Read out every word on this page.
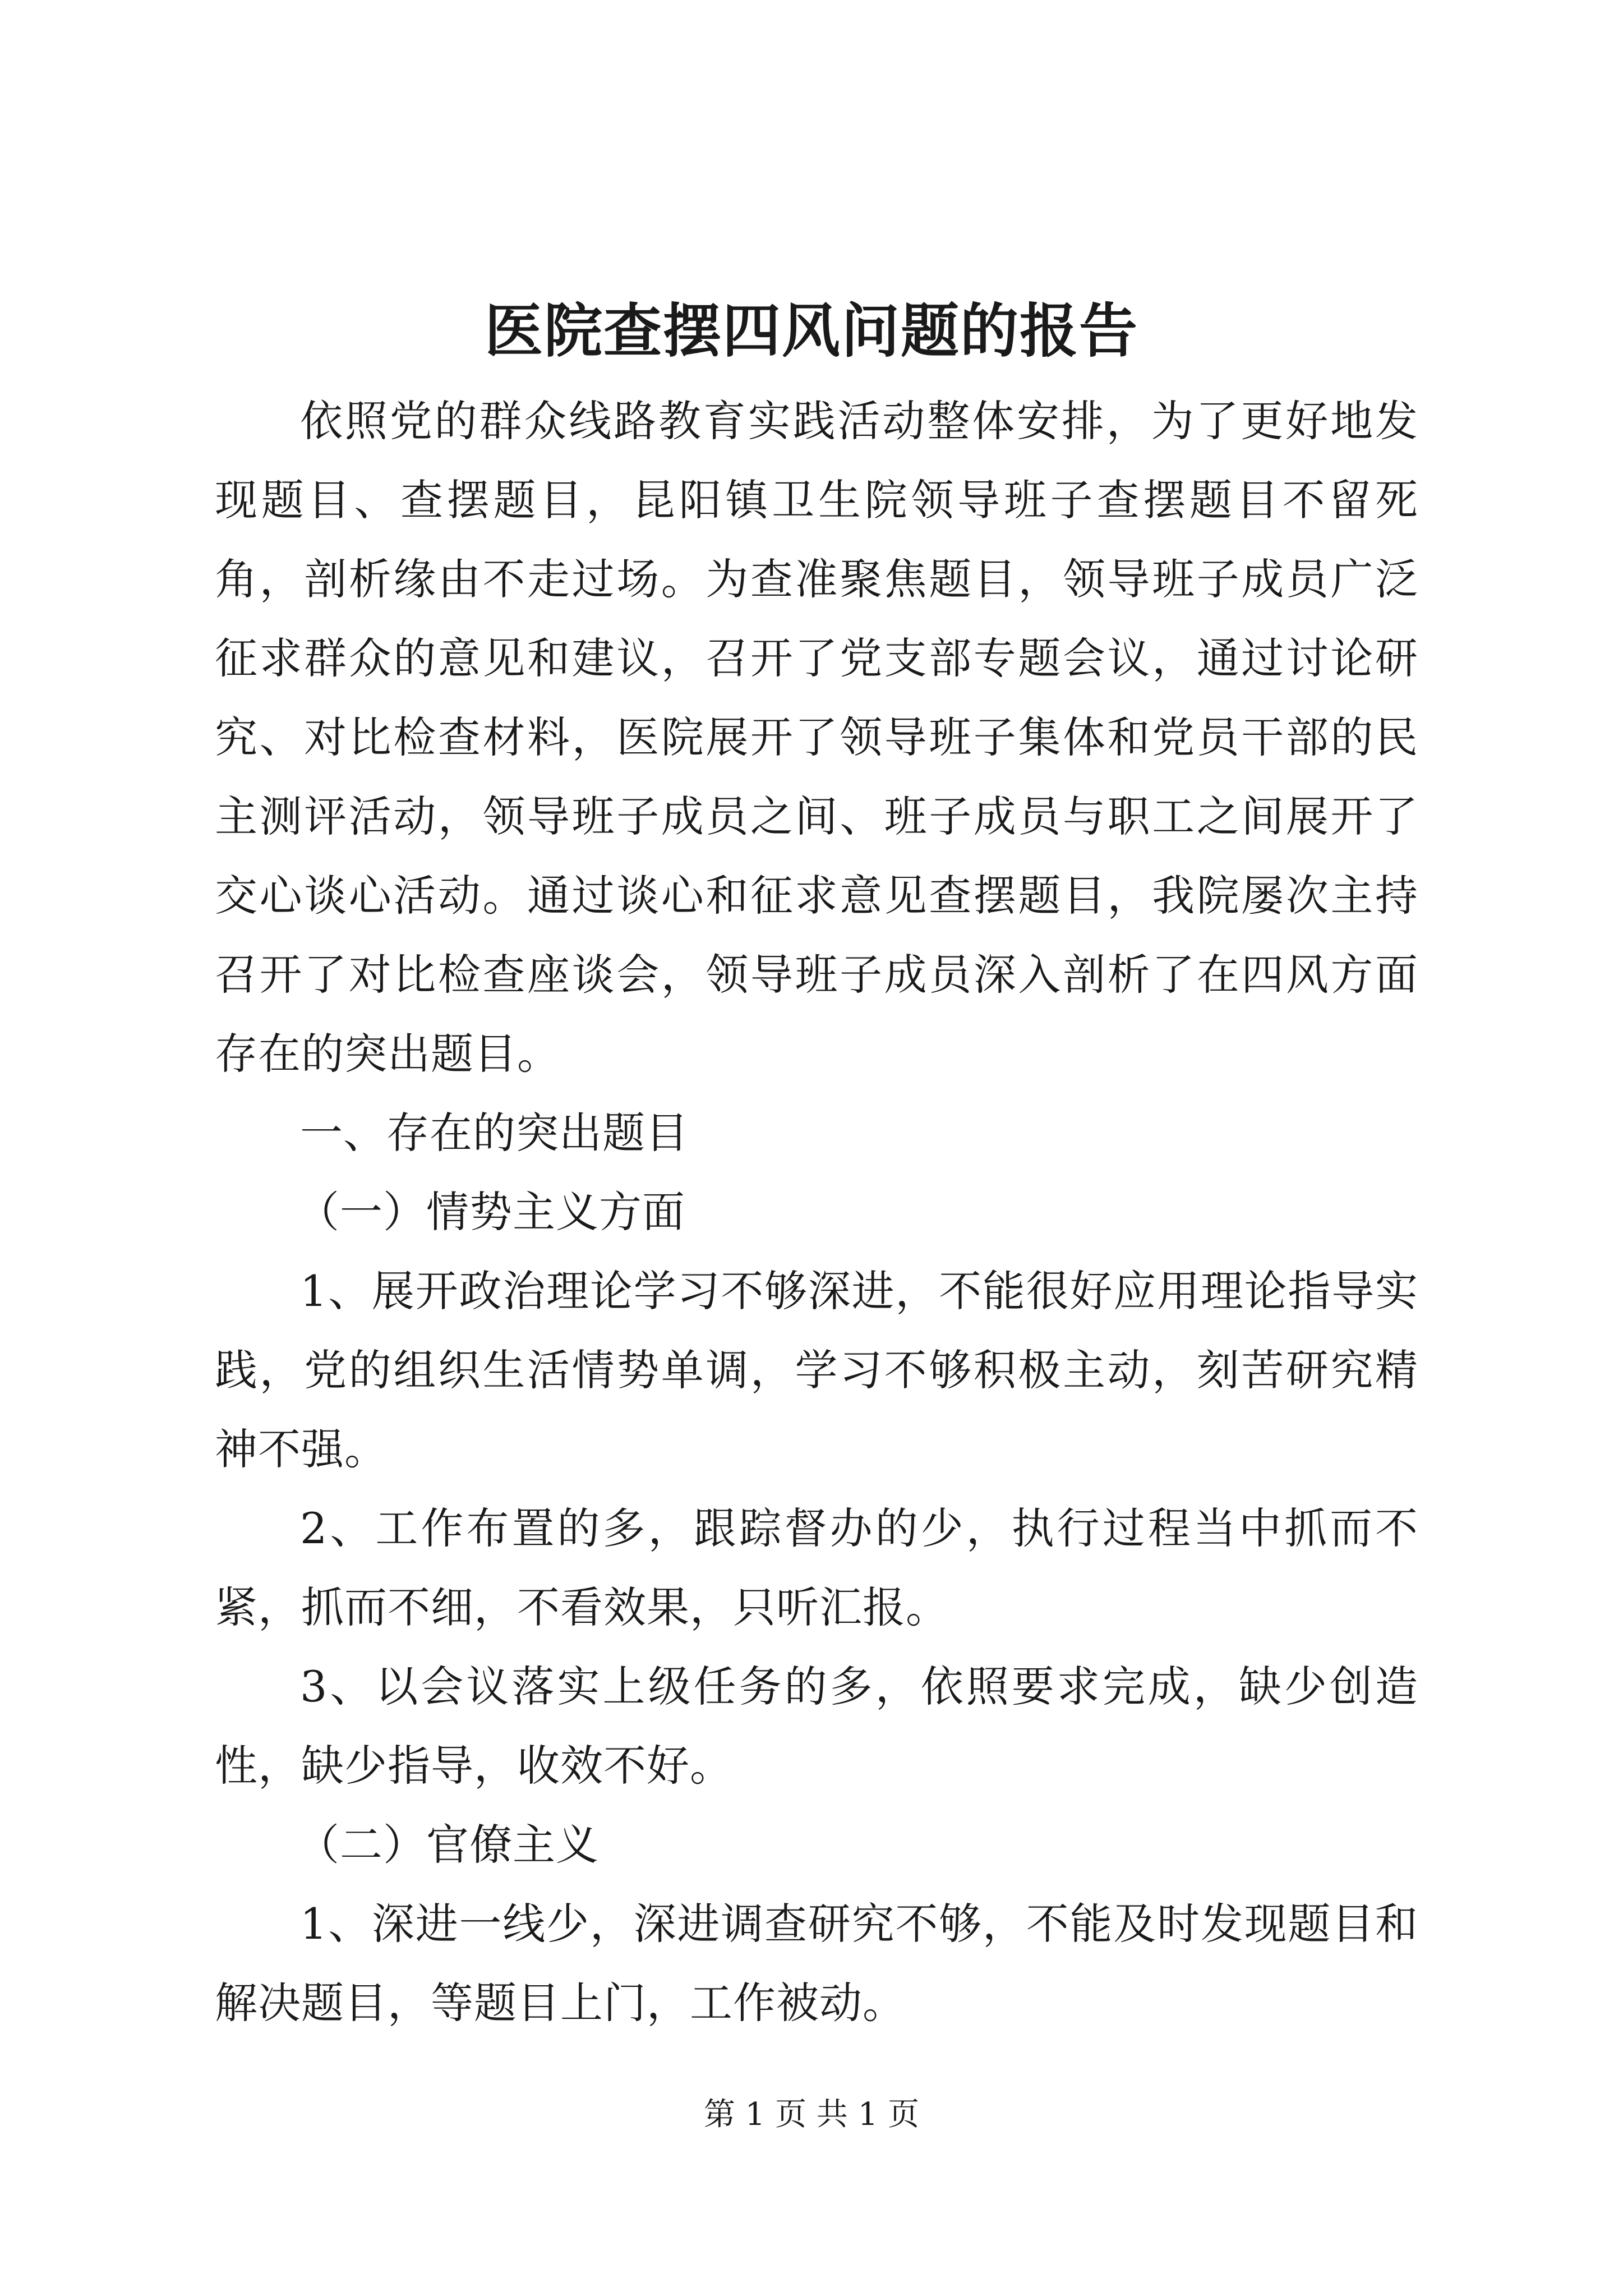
医院查摆四风问题的报告

依照党的群众线路教育实践活动整体安排，为了更好地发现题目、查摆题目，昆阳镇卫生院领导班子查摆题目不留死角，剖析缘由不走过场。为查准聚焦题目，领导班子成员广泛征求群众的意见和建议，召开了党支部专题会议，通过讨论研究、对比检查材料，医院展开了领导班子集体和党员干部的民主测评活动，领导班子成员之间、班子成员与职工之间展开了交心谈心活动。通过谈心和征求意见查摆题目，我院屡次主持召开了对比检查座谈会，领导班子成员深入剖析了在四风方面存在的突出题目。

一、存在的突出题目

（一）情势主义方面

1、展开政治理论学习不够深进，不能很好应用理论指导实践，党的组织生活情势单调，学习不够积极主动，刻苦研究精神不强。

2、工作布置的多，跟踪督办的少，执行过程当中抓而不紧，抓而不细，不看效果，只听汇报。

3、以会议落实上级任务的多，依照要求完成，缺少创造性，缺少指导，收效不好。

（二）官僚主义

1、深进一线少，深进调查研究不够，不能及时发现题目和解决题目，等题目上门，工作被动。

第 1 页 共 1 页
